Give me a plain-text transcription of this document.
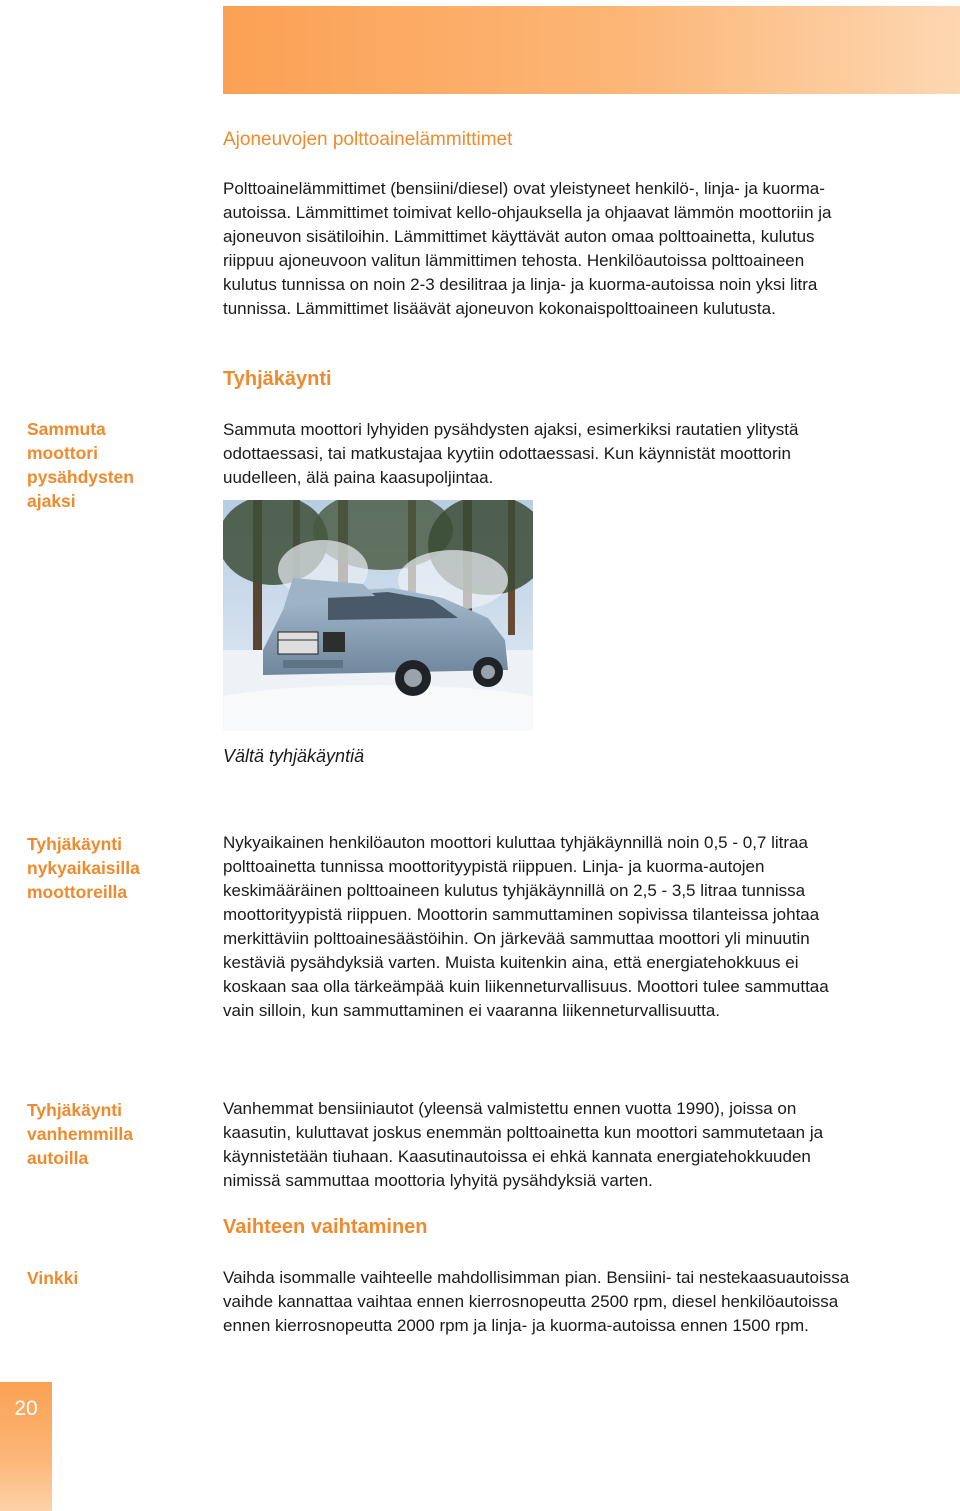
Ajoneuvojen polttoainelämmittimet
Polttoainelämmittimet (bensiini/diesel) ovat yleistyneet henkilö-, linja- ja kuorma-
autoissa. Lämmittimet toimivat kello-ohjauksella ja ohjaavat lämmön moottoriin ja
ajoneuvon sisätiloihin. Lämmittimet käyttävät auton omaa polttoainetta, kulutus
riippuu ajoneuvoon valitun lämmittimen tehosta. Henkilöautoissa polttoaineen
kulutus tunnissa on noin 2-3 desilitraa ja linja- ja kuorma-autoissa noin yksi litra
tunnissa. Lämmittimet lisäävät ajoneuvon kokonaispolttoaineen kulutusta.
Tyhjäkäynti
Sammuta
moottori
pysähdysten
ajaksi
Sammuta moottori lyhyiden pysähdysten ajaksi, esimerkiksi rautatien ylitystä
odottaessasi, tai matkustajaa kyytiin odottaessasi. Kun käynnistät moottorin
uudelleen, älä paina kaasupoljintaa.
Vältä tyhjäkäyntiä
Tyhjäkäynti
nykyaikaisilla
moottoreilla
Nykyaikainen henkilöauton moottori kuluttaa tyhjäkäynnillä noin 0,5 - 0,7 litraa
polttoainetta tunnissa moottorityypistä riippuen. Linja- ja kuorma-autojen
keskimääräinen polttoaineen kulutus tyhjäkäynnillä on 2,5 - 3,5 litraa tunnissa
moottorityypistä riippuen. Moottorin sammuttaminen sopivissa tilanteissa johtaa
merkittäviin polttoainesäästöihin. On järkevää sammuttaa moottori yli minuutin
kestäviä pysähdyksiä varten. Muista kuitenkin aina, että energiatehokkuus ei
koskaan saa olla tärkeämpää kuin liikenneturvallisuus. Moottori tulee sammuttaa
vain silloin, kun sammuttaminen ei vaaranna liikenneturvallisuutta.
Tyhjäkäynti
vanhemmilla
autoilla
Vanhemmat bensiiniautot (yleensä valmistettu ennen vuotta 1990), joissa on
kaasutin, kuluttavat joskus enemmän polttoainetta kun moottori sammutetaan ja
käynnistetään tiuhaan. Kaasutinautoissa ei ehkä kannata energiatehokkuuden
nimissä sammuttaa moottoria lyhyitä pysähdyksiä varten.
Vaihteen vaihtaminen
Vinkki	Vaihda isommalle vaihteelle mahdollisimman pian. Bensiini- tai nestekaasuautoissa
vaihde kannattaa vaihtaa ennen kierrosnopeutta 2500 rpm, diesel henkilöautoissa
ennen kierrosnopeutta 2000 rpm ja linja- ja kuorma-autoissa ennen 1500 rpm.
20
